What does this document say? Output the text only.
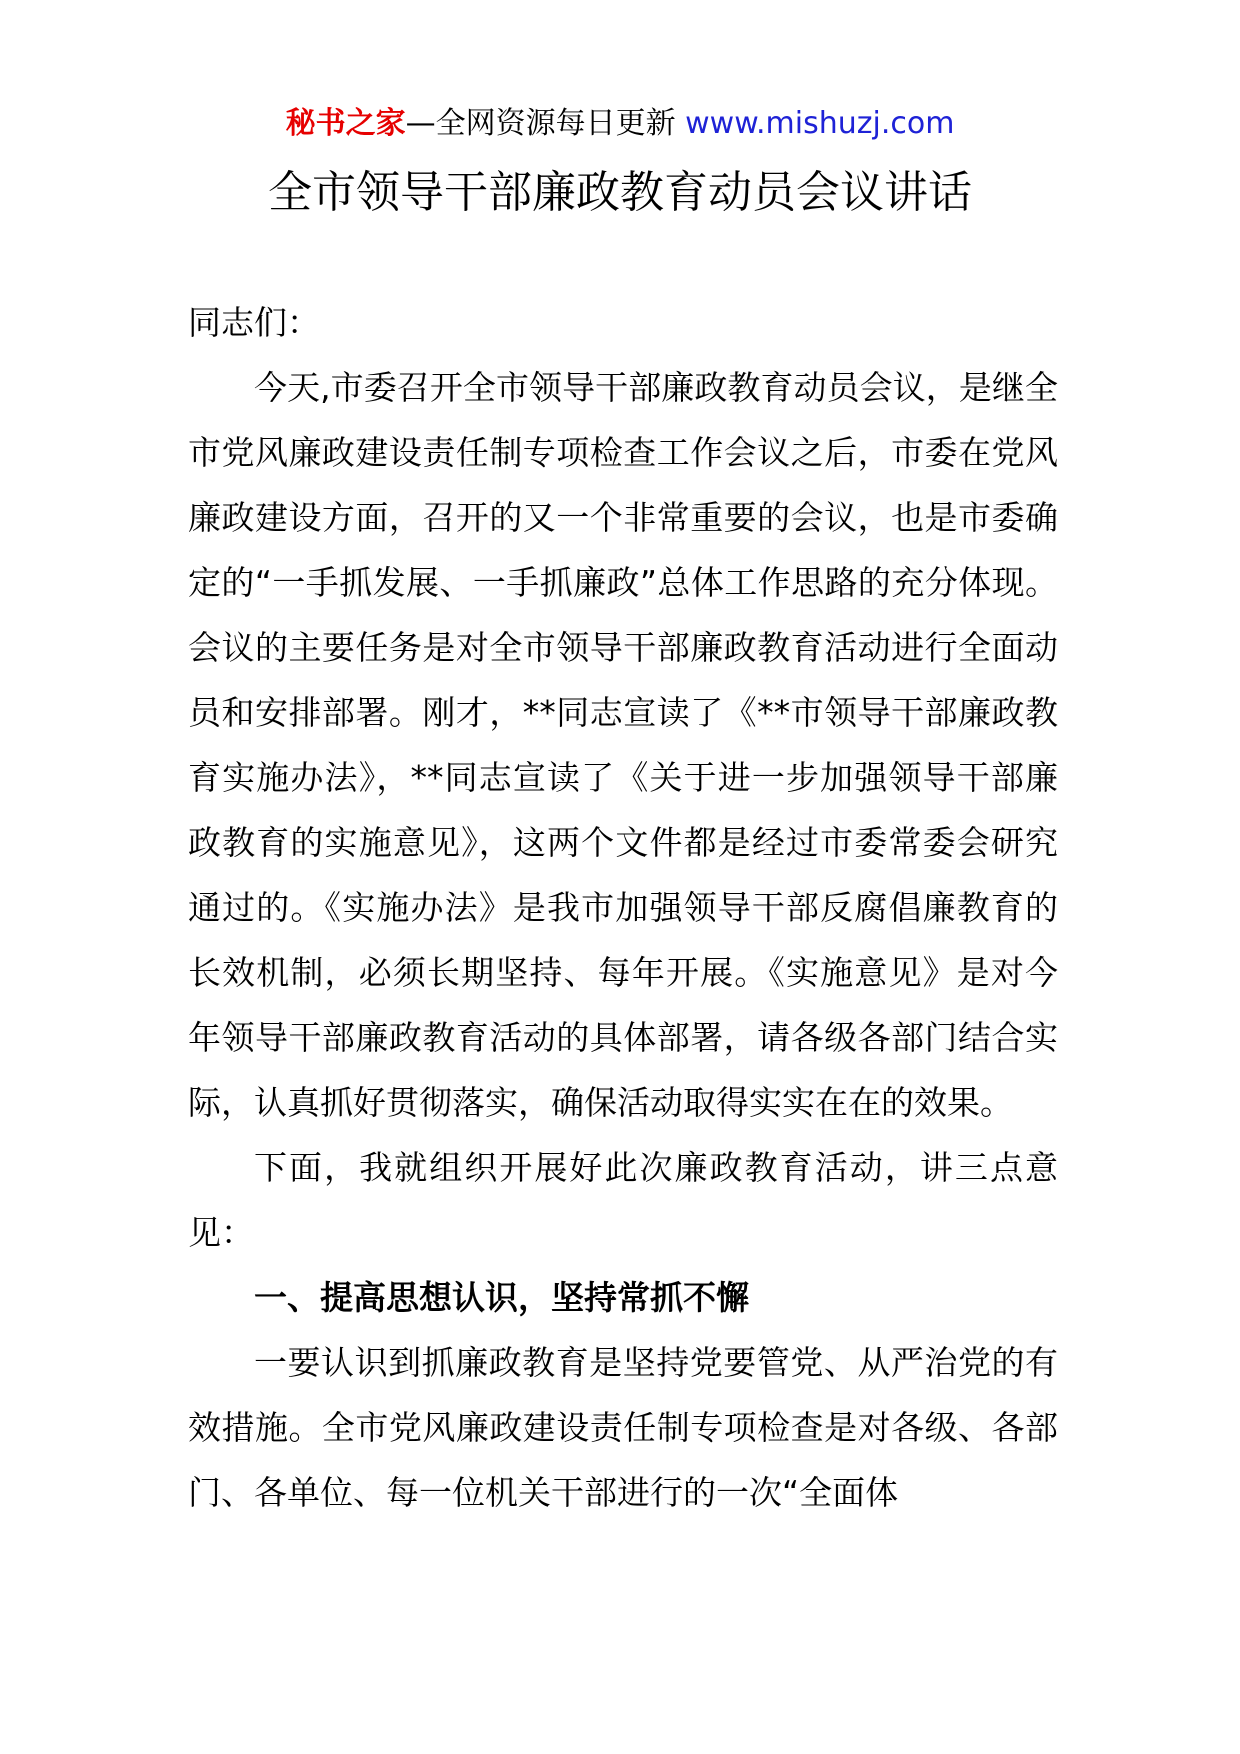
秘书之家—全网资源每日更新 www.mishuzj.com
全市领导干部廉政教育动员会议讲话

同志们：

今天,市委召开全市领导干部廉政教育动员会议，是继全市党风廉政建设责任制专项检查工作会议之后，市委在党风廉政建设方面，召开的又一个非常重要的会议，也是市委确定的“一手抓发展、一手抓廉政”总体工作思路的充分体现。会议的主要任务是对全市领导干部廉政教育活动进行全面动员和安排部署。刚才，**同志宣读了《**市领导干部廉政教育实施办法》，**同志宣读了《关于进一步加强领导干部廉政教育的实施意见》，这两个文件都是经过市委常委会研究通过的。《实施办法》是我市加强领导干部反腐倡廉教育的长效机制，必须长期坚持、每年开展。《实施意见》是对今年领导干部廉政教育活动的具体部署，请各级各部门结合实际，认真抓好贯彻落实，确保活动取得实实在在的效果。

下面，我就组织开展好此次廉政教育活动，讲三点意见：

一、提高思想认识，坚持常抓不懈

一要认识到抓廉政教育是坚持党要管党、从严治党的有效措施。全市党风廉政建设责任制专项检查是对各级、各部门、各单位、每一位机关干部进行的一次“全面体
